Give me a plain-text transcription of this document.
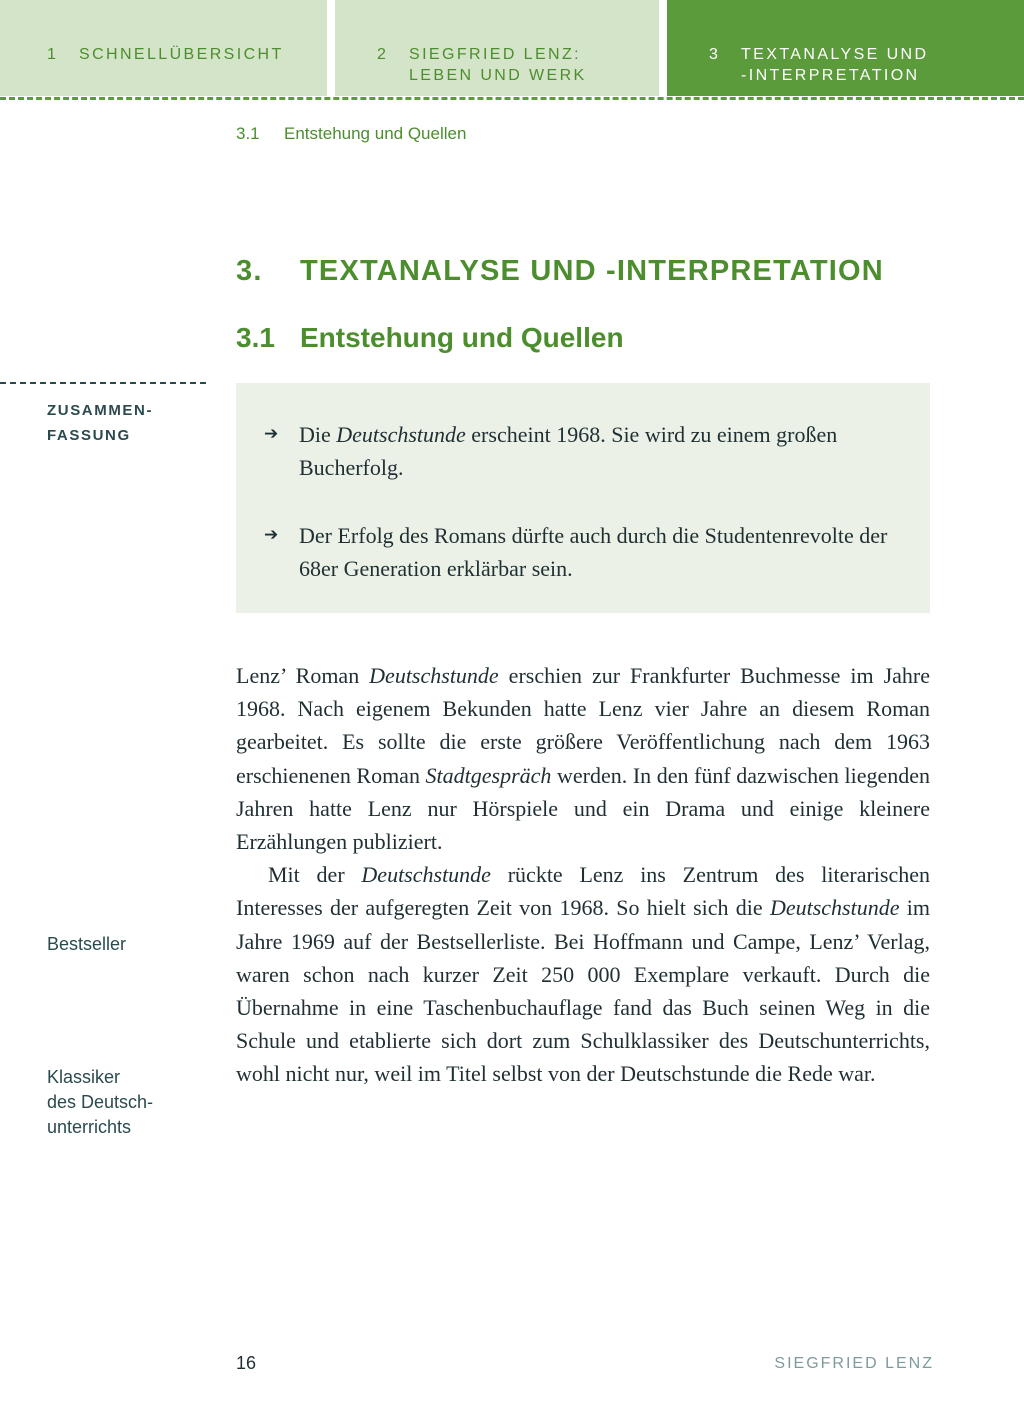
1	SCHNELLÜBERSICHT	2	SIEGFRIED LENZ:
LEBEN UND WERK
3	TEXTANALYSE UND
-INTERPRETATION
3.1 Entstehung und Quellen
3. TEXTANALYSE UND -INTERPRETATION
3.1 Entstehung und Quellen
ZUSAMMEN-
FASSUNG
Bestseller
Klassiker
des Deutsch-
unterrichts
➔ Die Deutschstunde erscheint 1968. Sie wird zu einem großen Bucherfolg.
➔ Der Erfolg des Romans dürfte auch durch die Studentenrevolte der 68er Generation erklärbar sein.

Lenz’ Roman Deutschstunde erschien zur Frankfurter Buchmesse im Jahre 1968. Nach eigenem Bekunden hatte Lenz vier Jahre an diesem Roman gearbeitet. Es sollte die erste größere Veröffentlichung nach dem 1963 erschienenen Roman Stadtgespräch werden. In den fünf dazwischen liegenden Jahren hatte Lenz nur Hörspiele und ein Drama und einige kleinere Erzählungen publiziert.

Mit der Deutschstunde rückte Lenz ins Zentrum des literarischen Interesses der aufgeregten Zeit von 1968. So hielt sich die Deutschstunde im Jahre 1969 auf der Bestsellerliste. Bei Hoffmann und Campe, Lenz’ Verlag, waren schon nach kurzer Zeit 250 000 Exemplare verkauft. Durch die Übernahme in eine Taschenbuchauflage fand das Buch seinen Weg in die Schule und etablierte sich dort zum Schulklassiker des Deutschunterrichts, wohl nicht nur, weil im Titel selbst von der Deutschstunde die Rede war.

16	SIEGFRIED LENZ
